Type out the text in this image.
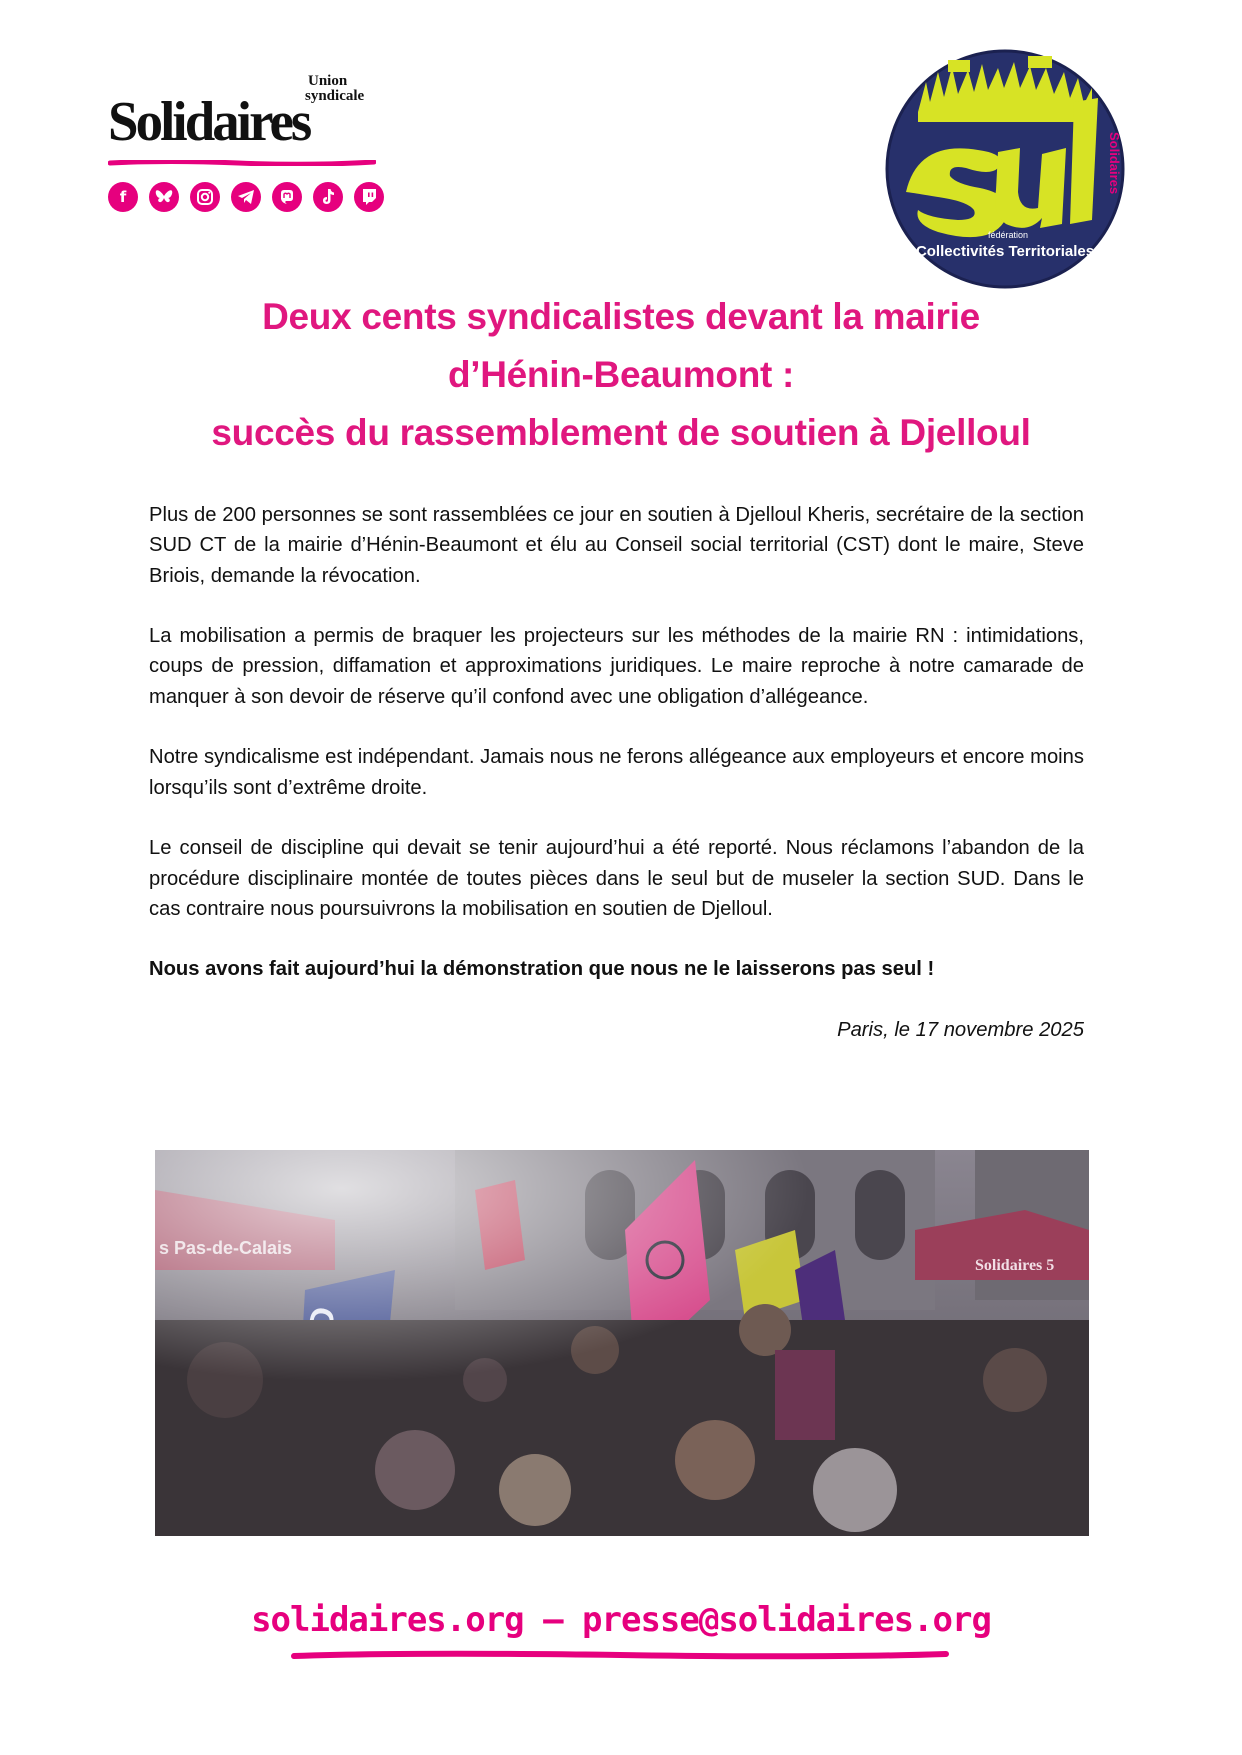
Union
syndicale
Solidaires
f
Solidaires
fédération
Collectivités Territoriales
Deux cents syndicalistes devant la mairie
d’Hénin-Beaumont :
succès du rassemblement de soutien à Djelloul

Plus de 200 personnes se sont rassemblées ce jour en soutien à Djelloul Kheris, secrétaire de la section SUD CT de la mairie d’Hénin-Beaumont et élu au Conseil social territorial (CST) dont le maire, Steve Briois, demande la révocation.

La mobilisation a permis de braquer les projecteurs sur les méthodes de la mairie RN : intimidations, coups de pression, diffamation et approximations juridiques. Le maire reproche à notre camarade de manquer à son devoir de réserve qu’il confond avec une obligation d’allégeance.

Notre syndicalisme est indépendant. Jamais nous ne ferons allégeance aux employeurs et encore moins lorsqu’ils sont d’extrême droite.

Le conseil de discipline qui devait se tenir aujourd’hui a été reporté. Nous réclamons l’abandon de la procédure disciplinaire montée de toutes pièces dans le seul but de museler la section SUD. Dans le cas contraire nous poursuivrons la mobilisation en soutien de Djelloul.

Nous avons fait aujourd’hui la démonstration que nous ne le laisserons pas seul !

Paris, le 17 novembre 2025

solidaires.org — presse@solidaires.org
